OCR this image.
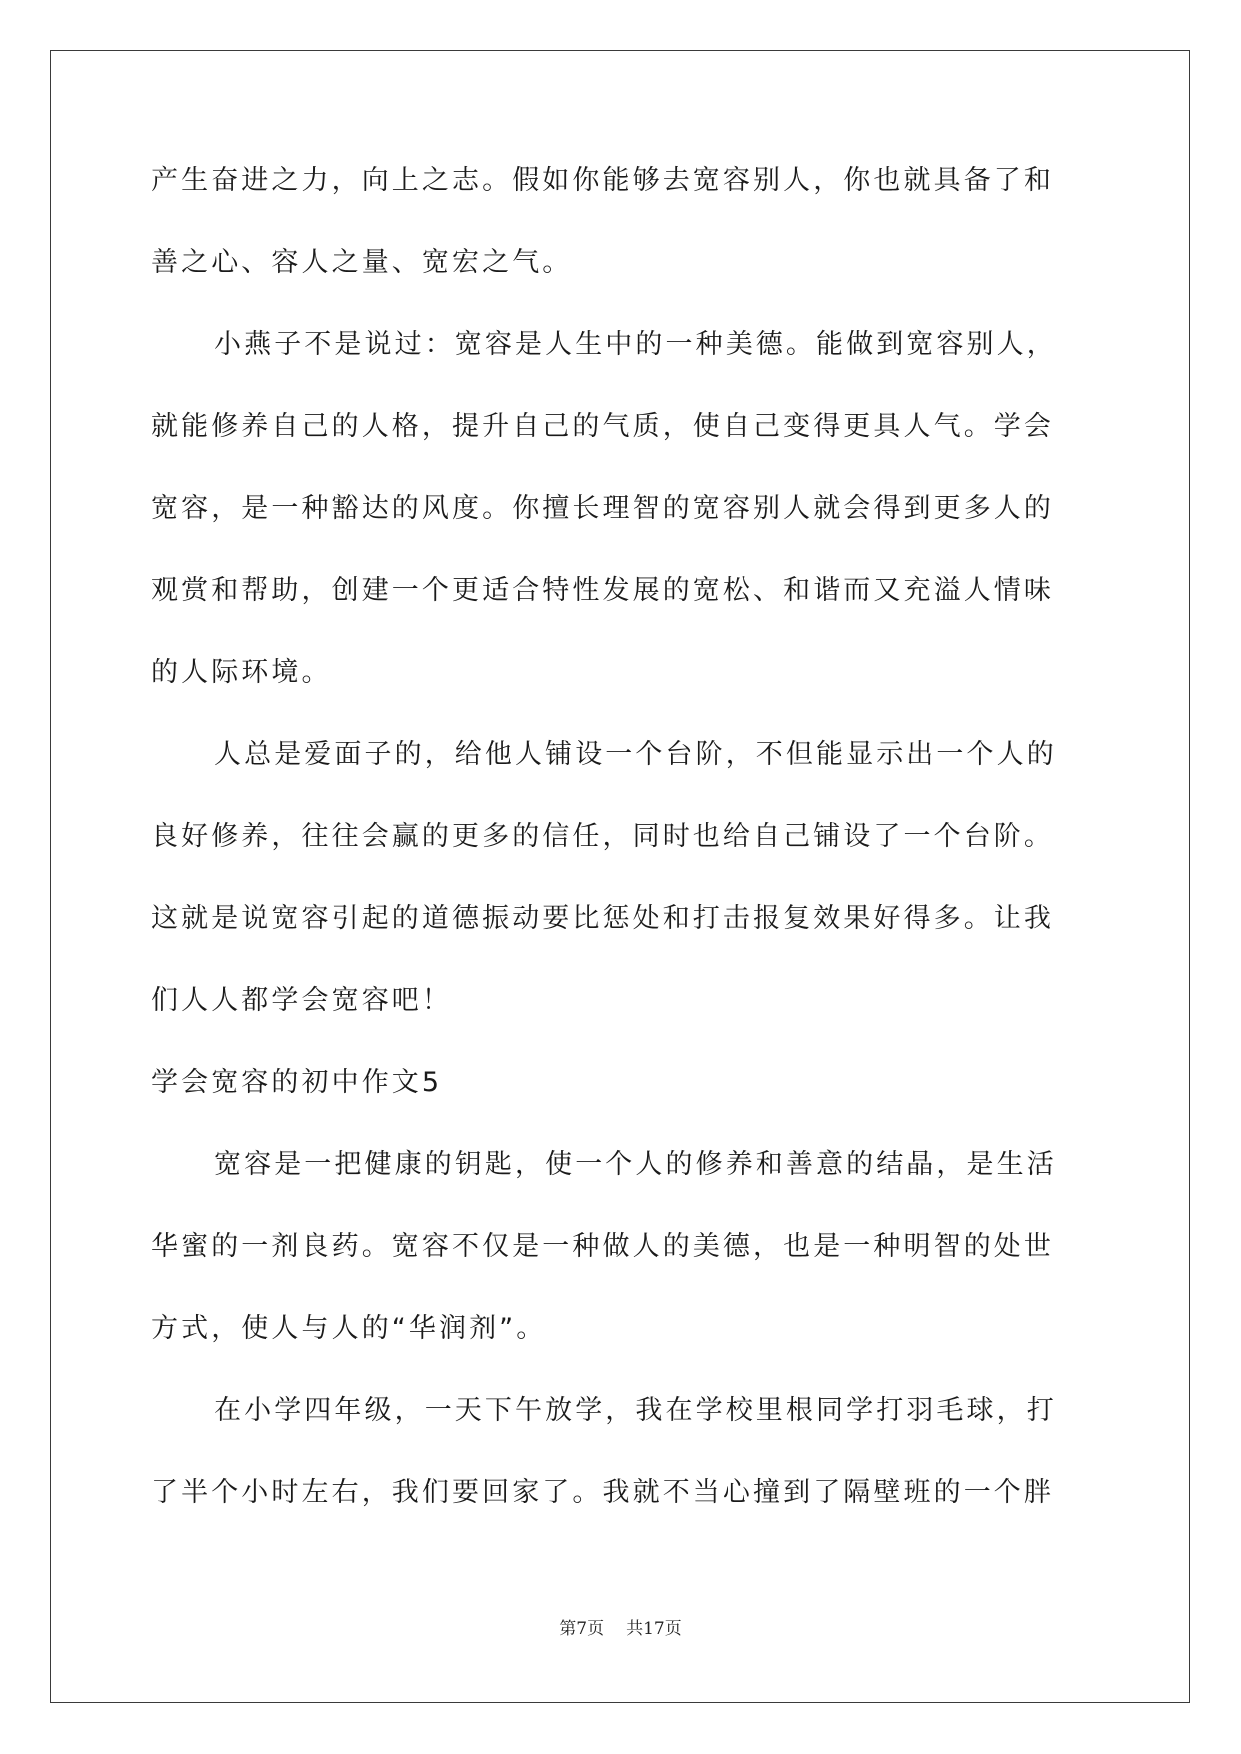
产生奋进之力，向上之志。假如你能够去宽容别人，你也就具备了和
善之心、容人之量、宽宏之气。
小燕子不是说过：宽容是人生中的一种美德。能做到宽容别人，
就能修养自己的人格，提升自己的气质，使自己变得更具人气。学会
宽容，是一种豁达的风度。你擅长理智的宽容别人就会得到更多人的
观赏和帮助，创建一个更适合特性发展的宽松、和谐而又充溢人情味
的人际环境。
人总是爱面子的，给他人铺设一个台阶，不但能显示出一个人的
良好修养，往往会赢的更多的信任，同时也给自己铺设了一个台阶。
这就是说宽容引起的道德振动要比惩处和打击报复效果好得多。让我
们人人都学会宽容吧！
学会宽容的初中作文5
宽容是一把健康的钥匙，使一个人的修养和善意的结晶，是生活
华蜜的一剂良药。宽容不仅是一种做人的美德，也是一种明智的处世
方式，使人与人的“华润剂”。
在小学四年级，一天下午放学，我在学校里根同学打羽毛球，打
了半个小时左右，我们要回家了。我就不当心撞到了隔壁班的一个胖
第7页 共17页
